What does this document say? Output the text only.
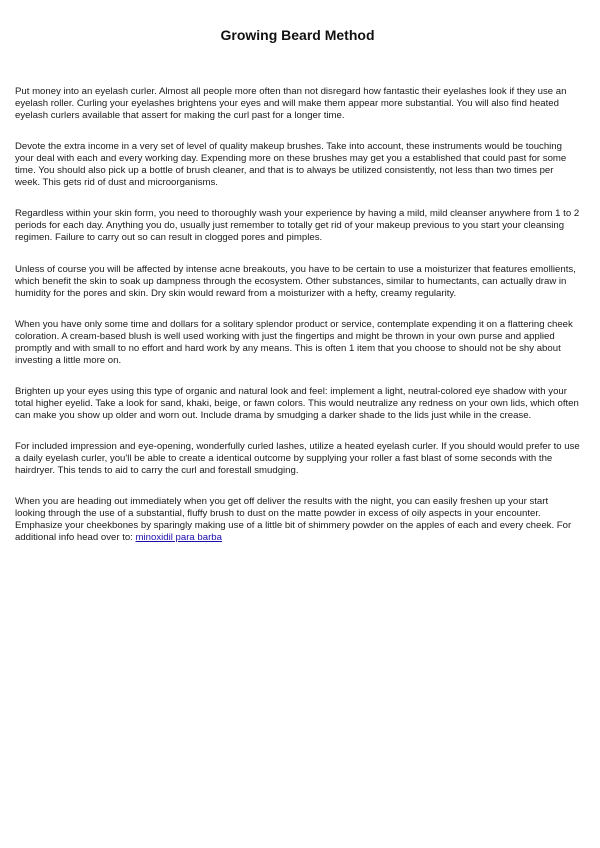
Growing Beard Method

Put money into an eyelash curler. Almost all people more often than not disregard how fantastic their eyelashes look if they use an eyelash roller. Curling your eyelashes brightens your eyes and will make them appear more substantial. You will also find heated eyelash curlers available that assert for making the curl past for a longer time.

Devote the extra income in a very set of level of quality makeup brushes. Take into account, these instruments would be touching your deal with each and every working day. Expending more on these brushes may get you a established that could past for some time. You should also pick up a bottle of brush cleaner, and that is to always be utilized consistently, not less than two times per week. This gets rid of dust and microorganisms.

Regardless within your skin form, you need to thoroughly wash your experience by having a mild, mild cleanser anywhere from 1 to 2 periods for each day. Anything you do, usually just remember to totally get rid of your makeup previous to you start your cleansing regimen. Failure to carry out so can result in clogged pores and pimples.

Unless of course you will be affected by intense acne breakouts, you have to be certain to use a moisturizer that features emollients, which benefit the skin to soak up dampness through the ecosystem. Other substances, similar to humectants, can actually draw in humidity for the pores and skin. Dry skin would reward from a moisturizer with a hefty, creamy regularity.

When you have only some time and dollars for a solitary splendor product or service, contemplate expending it on a flattering cheek coloration. A cream-based blush is well used working with just the fingertips and might be thrown in your own purse and applied promptly and with small to no effort and hard work by any means. This is often 1 item that you choose to should not be shy about investing a little more on.

Brighten up your eyes using this type of organic and natural look and feel: implement a light, neutral-colored eye shadow with your total higher eyelid. Take a look for sand, khaki, beige, or fawn colors. This would neutralize any redness on your own lids, which often can make you show up older and worn out. Include drama by smudging a darker shade to the lids just while in the crease.

For included impression and eye-opening, wonderfully curled lashes, utilize a heated eyelash curler. If you should would prefer to use a daily eyelash curler, you'll be able to create a identical outcome by supplying your roller a fast blast of some seconds with the hairdryer. This tends to aid to carry the curl and forestall smudging.

When you are heading out immediately when you get off deliver the results with the night, you can easily freshen up your start looking through the use of a substantial, fluffy brush to dust on the matte powder in excess of oily aspects in your encounter. Emphasize your cheekbones by sparingly making use of a little bit of shimmery powder on the apples of each and every cheek. For additional info head over to: minoxidil para barba
